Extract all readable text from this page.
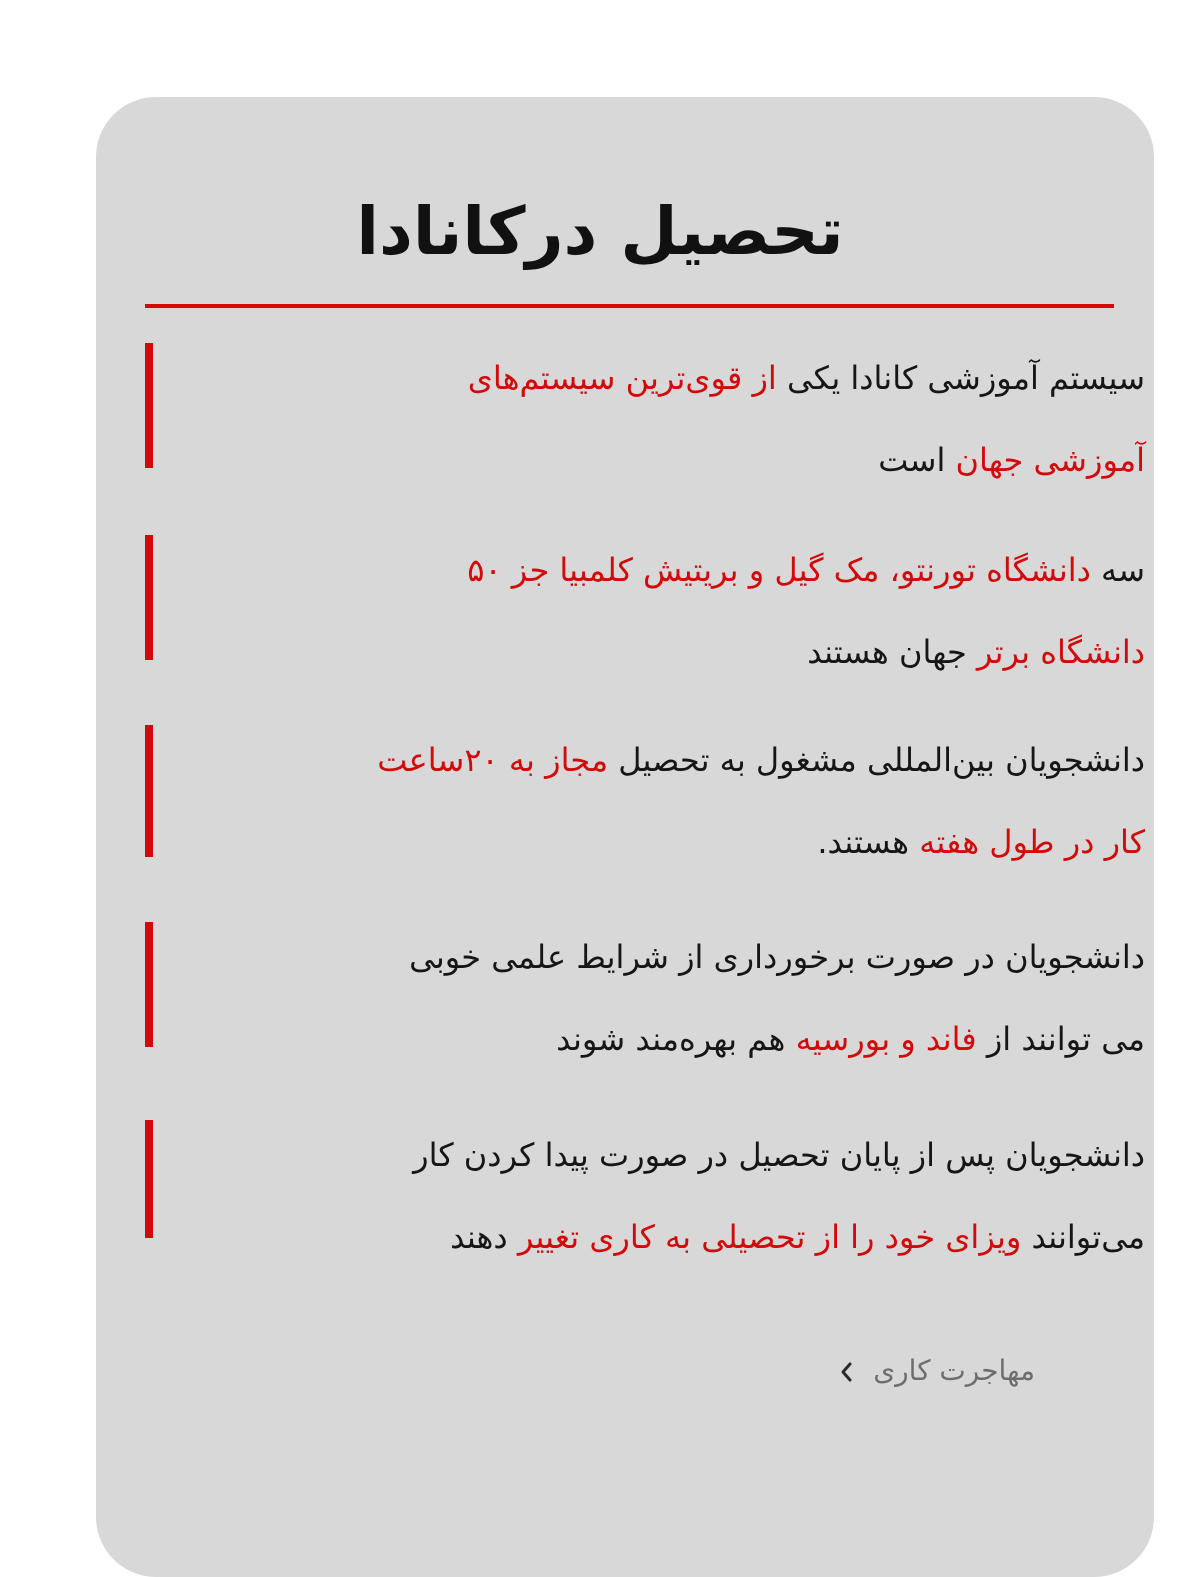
تحصیل درکانادا
سیستم آموزشی کانادا یکی از قوی‌ترین سیستم‌های
آموزشی جهان است
سه دانشگاه تورنتو، مک گیل و بریتیش کلمبیا جز ۵۰
دانشگاه برتر جهان هستند
دانشجویان بین‌المللی مشغول به تحصیل مجاز به ۲۰ساعت
کار در طول هفته هستند.
دانشجویان در صورت برخورداری از شرایط علمی خوبی
می توانند از فاند و بورسیه هم بهره‌مند شوند
دانشجویان پس از پایان تحصیل در صورت پیدا کردن کار
می‌توانند ویزای خود را از تحصیلی به کاری تغییر دهند
مهاجرت کاری
